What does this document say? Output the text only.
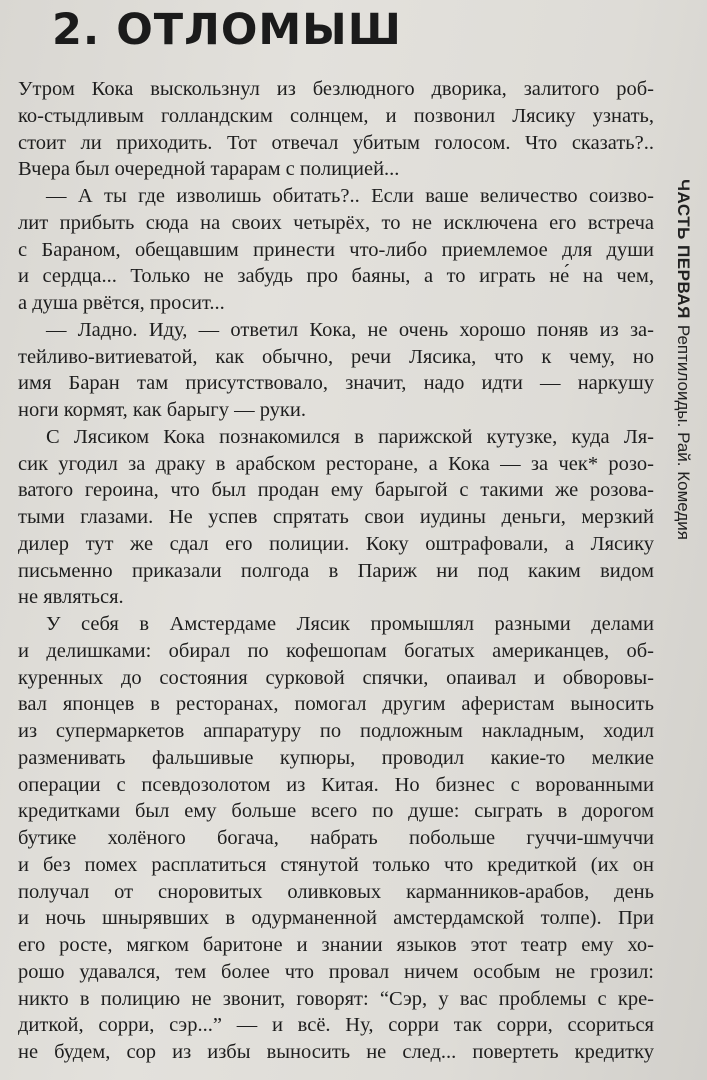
2. ОТЛОМЫШ
ЧАСТЬ ПЕРВАЯРептилоиды. Рай. Комедия
Утром Кока выскользнул из безлюдного дворика, залитого роб-
ко-стыдливым голландским солнцем, и позвонил Лясику узнать,
стоит ли приходить. Тот отвечал убитым голосом. Что сказать?..
Вчера был очередной тарарам с полицией...
— А ты где изволишь обитать?.. Если ваше величество соизво-
лит прибыть сюда на своих четырёх, то не исключена его встреча
с Бараном, обещавшим принести что-либо приемлемое для души
и сердца... Только не забудь про баяны, а то играть не́ на чем,
а душа рвётся, просит...
— Ладно. Иду, — ответил Кока, не очень хорошо поняв из за-
тейливо-витиеватой, как обычно, речи Лясика, что к чему, но
имя Баран там присутствовало, значит, надо идти — наркушу
ноги кормят, как барыгу — руки.
С Лясиком Кока познакомился в парижской кутузке, куда Ля-
сик угодил за драку в арабском ресторане, а Кока — за чек* розо-
ватого героина, что был продан ему барыгой с такими же розова-
тыми глазами. Не успев спрятать свои иудины деньги, мерзкий
дилер тут же сдал его полиции. Коку оштрафовали, а Лясику
письменно приказали полгода в Париж ни под каким видом
не являться.
У себя в Амстердаме Лясик промышлял разными делами
и делишками: обирал по кофешопам богатых американцев, об-
куренных до состояния сурковой спячки, опаивал и обворовы-
вал японцев в ресторанах, помогал другим аферистам выносить
из супермаркетов аппаратуру по подложным накладным, ходил
разменивать фальшивые купюры, проводил какие-то мелкие
операции с псевдозолотом из Китая. Но бизнес с ворованными
кредитками был ему больше всего по душе: сыграть в дорогом
бутике холёного богача, набрать побольше гуччи-шмуччи
и без помех расплатиться стянутой только что кредиткой (их он
получал от сноровитых оливковых карманников-арабов, день
и ночь шнырявших в одурманенной амстердамской толпе). При
его росте, мягком баритоне и знании языков этот театр ему хо-
рошо удавался, тем более что провал ничем особым не грозил:
никто в полицию не звонит, говорят: “Сэр, у вас проблемы с кре-
диткой, сорри, сэр...” — и всё. Ну, сорри так сорри, ссориться
не будем, сор из избы выносить не след... повертеть кредитку
